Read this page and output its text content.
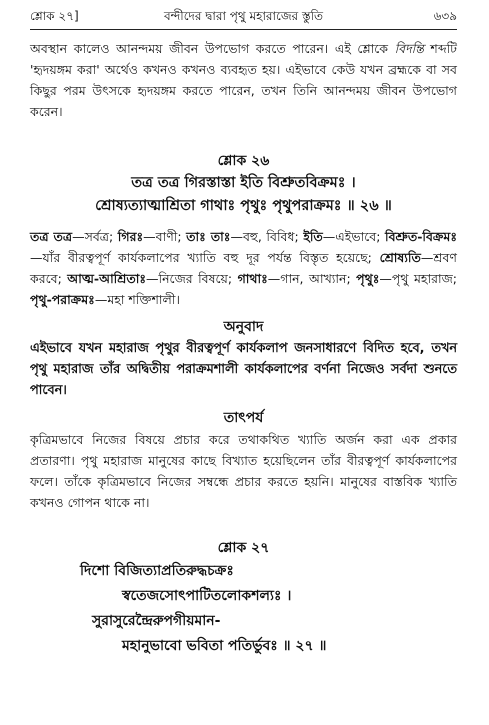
শ্লোক ২৭]	বন্দীদের দ্বারা পৃথু মহারাজের স্তুতি	৬৩৯

অবস্থান কালেও আনন্দময় জীবন উপভোগ করতে পারেন। এই শ্লোকে বিদন্তি শব্দটি 'হৃদয়ঙ্গম করা' অর্থেও কখনও কখনও ব্যবহৃত হয়। এইভাবে কেউ যখন ব্রহ্মকে বা সব কিছুর পরম উৎসকে হৃদয়ঙ্গম করতে পারেন, তখন তিনি আনন্দময় জীবন উপভোগ করেন।

শ্লোক ২৬
তত্র তত্র গিরস্তাস্তা ইতি বিশ্রুতবিক্রমঃ ।
শ্রোষ্যত্যাত্মাশ্রিতা গাথাঃ পৃথুঃ পৃথুপরাক্রমঃ ॥ ২৬ ॥

তত্র তত্র—সর্বত্র; গিরঃ—বাণী; তাঃ তাঃ—বহু, বিবিধ; ইতি—এইভাবে; বিশ্রুত-বিক্রমঃ—যাঁর বীরত্বপূর্ণ কার্যকলাপের খ্যাতি বহু দূর পর্যন্ত বিস্তৃত হয়েছে; শ্রোষ্যতি—শ্রবণ করবে; আত্ম-আশ্রিতাঃ—নিজের বিষয়ে; গাথাঃ—গান, আখ্যান; পৃথুঃ—পৃথু মহারাজ; পৃথু-পরাক্রমঃ—মহা শক্তিশালী।

অনুবাদ

এইভাবে যখন মহারাজ পৃথুর বীরত্বপূর্ণ কার্যকলাপ জনসাধারণে বিদিত হবে, তখন পৃথু মহারাজ তাঁর অদ্বিতীয় পরাক্রমশালী কার্যকলাপের বর্ণনা নিজেও সর্বদা শুনতে পাবেন।

তাৎপর্য

কৃত্রিমভাবে নিজের বিষয়ে প্রচার করে তথাকথিত খ্যাতি অর্জন করা এক প্রকার প্রতারণা। পৃথু মহারাজ মানুষের কাছে বিখ্যাত হয়েছিলেন তাঁর বীরত্বপূর্ণ কার্যকলাপের ফলে। তাঁকে কৃত্রিমভাবে নিজের সম্বন্ধে প্রচার করতে হয়নি। মানুষের বাস্তবিক খ্যাতি কখনও গোপন থাকে না।

শ্লোক ২৭
দিশো বিজিত্যাপ্রতিরুদ্ধচক্রঃ
স্বতেজসোৎপাটিতলোকশল্যঃ ।
সুরাসুরেন্দ্রৈরুপগীয়মান-
মহানুভাবো ভবিতা পতির্ভুবঃ ॥ ২৭ ॥
